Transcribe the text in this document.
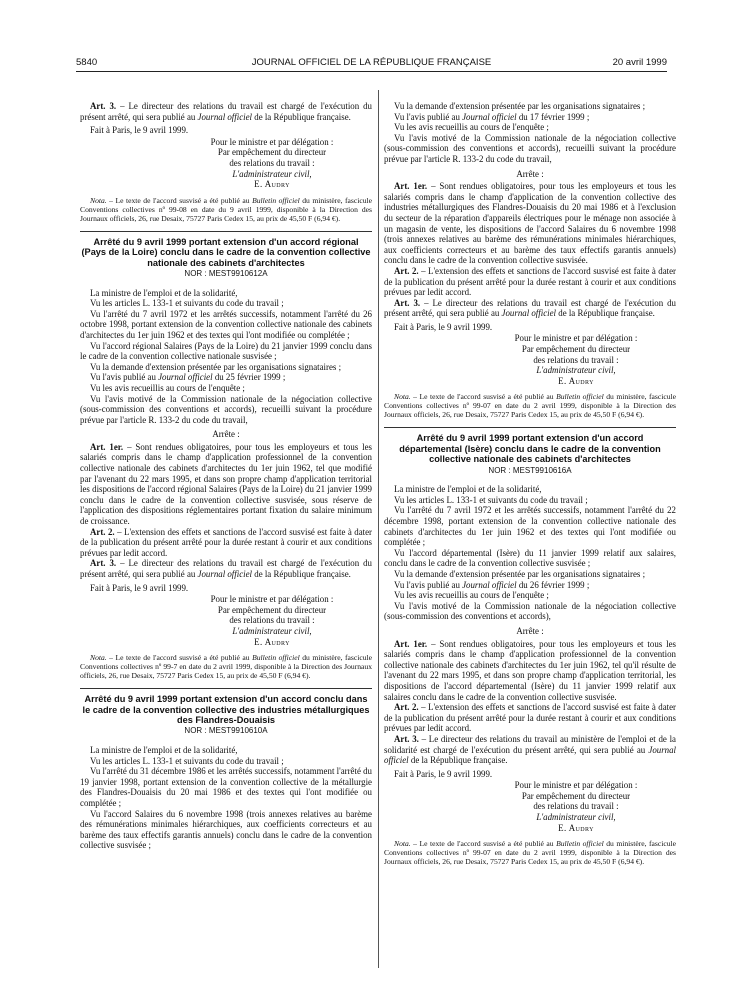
5840	JOURNAL OFFICIEL DE LA RÉPUBLIQUE FRANÇAISE	20 avril 1999

Art. 3. – Le directeur des relations du travail est chargé de l'exécution du présent arrêté, qui sera publié au Journal officiel de la République française.

Fait à Paris, le 9 avril 1999.

Pour le ministre et par délégation :
Par empêchement du directeur
des relations du travail :
L'administrateur civil,
E. Audry

Nota. – Le texte de l'accord susvisé a été publié au Bulletin officiel du ministère, fascicule Conventions collectives nº 99-08 en date du 9 avril 1999, disponible à la Direction des Journaux officiels, 26, rue Desaix, 75727 Paris Cedex 15, au prix de 45,50 F (6,94 €).

Arrêté du 9 avril 1999 portant extension d'un accord régional (Pays de la Loire) conclu dans le cadre de la convention collective nationale des cabinets d'architectes

NOR : MEST9910612A

La ministre de l'emploi et de la solidarité,

Vu les articles L. 133-1 et suivants du code du travail ;

Vu l'arrêté du 7 avril 1972 et les arrêtés successifs, notamment l'arrêté du 26 octobre 1998, portant extension de la convention collective nationale des cabinets d'architectes du 1er juin 1962 et des textes qui l'ont modifiée ou complétée ;

Vu l'accord régional Salaires (Pays de la Loire) du 21 janvier 1999 conclu dans le cadre de la convention collective nationale susvisée ;

Vu la demande d'extension présentée par les organisations signataires ;

Vu l'avis publié au Journal officiel du 25 février 1999 ;

Vu les avis recueillis au cours de l'enquête ;

Vu l'avis motivé de la Commission nationale de la négociation collective (sous-commission des conventions et accords), recueilli suivant la procédure prévue par l'article R. 133-2 du code du travail,

Arrête :

Art. 1er. – Sont rendues obligatoires, pour tous les employeurs et tous les salariés compris dans le champ d'application professionnel de la convention collective nationale des cabinets d'architectes du 1er juin 1962, tel que modifié par l'avenant du 22 mars 1995, et dans son propre champ d'application territorial les dispositions de l'accord régional Salaires (Pays de la Loire) du 21 janvier 1999 conclu dans le cadre de la convention collective susvisée, sous réserve de l'application des dispositions réglementaires portant fixation du salaire minimum de croissance.

Art. 2. – L'extension des effets et sanctions de l'accord susvisé est faite à dater de la publication du présent arrêté pour la durée restant à courir et aux conditions prévues par ledit accord.

Art. 3. – Le directeur des relations du travail est chargé de l'exécution du présent arrêté, qui sera publié au Journal officiel de la République française.

Fait à Paris, le 9 avril 1999.

Pour le ministre et par délégation :
Par empêchement du directeur
des relations du travail :
L'administrateur civil,
E. Audry

Nota. – Le texte de l'accord susvisé a été publié au Bulletin officiel du ministère, fascicule Conventions collectives nº 99-7 en date du 2 avril 1999, disponible à la Direction des Journaux officiels, 26, rue Desaix, 75727 Paris Cedex 15, au prix de 45,50 F (6,94 €).

Arrêté du 9 avril 1999 portant extension d'un accord conclu dans le cadre de la convention collective des industries métallurgiques des Flandres-Douaisis

NOR : MEST9910610A

La ministre de l'emploi et de la solidarité,

Vu les articles L. 133-1 et suivants du code du travail ;

Vu l'arrêté du 31 décembre 1986 et les arrêtés successifs, notamment l'arrêté du 19 janvier 1998, portant extension de la convention collective de la métallurgie des Flandres-Douaisis du 20 mai 1986 et des textes qui l'ont modifiée ou complétée ;

Vu l'accord Salaires du 6 novembre 1998 (trois annexes relatives au barème des rémunérations minimales hiérarchiques, aux coefficients correcteurs et au barème des taux effectifs garantis annuels) conclu dans le cadre de la convention collective susvisée ;

Vu la demande d'extension présentée par les organisations signataires ;

Vu l'avis publié au Journal officiel du 17 février 1999 ;

Vu les avis recueillis au cours de l'enquête ;

Vu l'avis motivé de la Commission nationale de la négociation collective (sous-commission des conventions et accords), recueilli suivant la procédure prévue par l'article R. 133-2 du code du travail,

Arrête :

Art. 1er. – Sont rendues obligatoires, pour tous les employeurs et tous les salariés compris dans le champ d'application de la convention collective des industries métallurgiques des Flandres-Douaisis du 20 mai 1986 et à l'exclusion du secteur de la réparation d'appareils électriques pour le ménage non associée à un magasin de vente, les dispositions de l'accord Salaires du 6 novembre 1998 (trois annexes relatives au barème des rémunérations minimales hiérarchiques, aux coefficients correcteurs et au barème des taux effectifs garantis annuels) conclu dans le cadre de la convention collective susvisée.

Art. 2. – L'extension des effets et sanctions de l'accord susvisé est faite à dater de la publication du présent arrêté pour la durée restant à courir et aux conditions prévues par ledit accord.

Art. 3. – Le directeur des relations du travail est chargé de l'exécution du présent arrêté, qui sera publié au Journal officiel de la République française.

Fait à Paris, le 9 avril 1999.

Pour le ministre et par délégation :
Par empêchement du directeur
des relations du travail :
L'administrateur civil,
E. Audry

Nota. – Le texte de l'accord susvisé a été publié au Bulletin officiel du ministère, fascicule Conventions collectives nº 99-07 en date du 2 avril 1999, disponible à la Direction des Journaux officiels, 26, rue Desaix, 75727 Paris Cedex 15, au prix de 45,50 F (6,94 €).

Arrêté du 9 avril 1999 portant extension d'un accord départemental (Isère) conclu dans le cadre de la convention collective nationale des cabinets d'architectes

NOR : MEST9910616A

La ministre de l'emploi et de la solidarité,

Vu les articles L. 133-1 et suivants du code du travail ;

Vu l'arrêté du 7 avril 1972 et les arrêtés successifs, notamment l'arrêté du 22 décembre 1998, portant extension de la convention collective nationale des cabinets d'architectes du 1er juin 1962 et des textes qui l'ont modifiée ou complétée ;

Vu l'accord départemental (Isère) du 11 janvier 1999 relatif aux salaires, conclu dans le cadre de la convention collective susvisée ;

Vu la demande d'extension présentée par les organisations signataires ;

Vu l'avis publié au Journal officiel du 26 février 1999 ;

Vu les avis recueillis au cours de l'enquête ;

Vu l'avis motivé de la Commission nationale de la négociation collective (sous-commission des conventions et accords),

Arrête :

Art. 1er. – Sont rendues obligatoires, pour tous les employeurs et tous les salariés compris dans le champ d'application professionnel de la convention collective nationale des cabinets d'architectes du 1er juin 1962, tel qu'il résulte de l'avenant du 22 mars 1995, et dans son propre champ d'application territorial, les dispositions de l'accord départemental (Isère) du 11 janvier 1999 relatif aux salaires conclu dans le cadre de la convention collective susvisée.

Art. 2. – L'extension des effets et sanctions de l'accord susvisé est faite à dater de la publication du présent arrêté pour la durée restant à courir et aux conditions prévues par ledit accord.

Art. 3. – Le directeur des relations du travail au ministère de l'emploi et de la solidarité est chargé de l'exécution du présent arrêté, qui sera publié au Journal officiel de la République française.

Fait à Paris, le 9 avril 1999.

Pour le ministre et par délégation :
Par empêchement du directeur
des relations du travail :
L'administrateur civil,
E. Audry

Nota. – Le texte de l'accord susvisé a été publié au Bulletin officiel du ministère, fascicule Conventions collectives nº 99-07 en date du 2 avril 1999, disponible à la Direction des Journaux officiels, 26, rue Desaix, 75727 Paris Cedex 15, au prix de 45,50 F (6,94 €).
